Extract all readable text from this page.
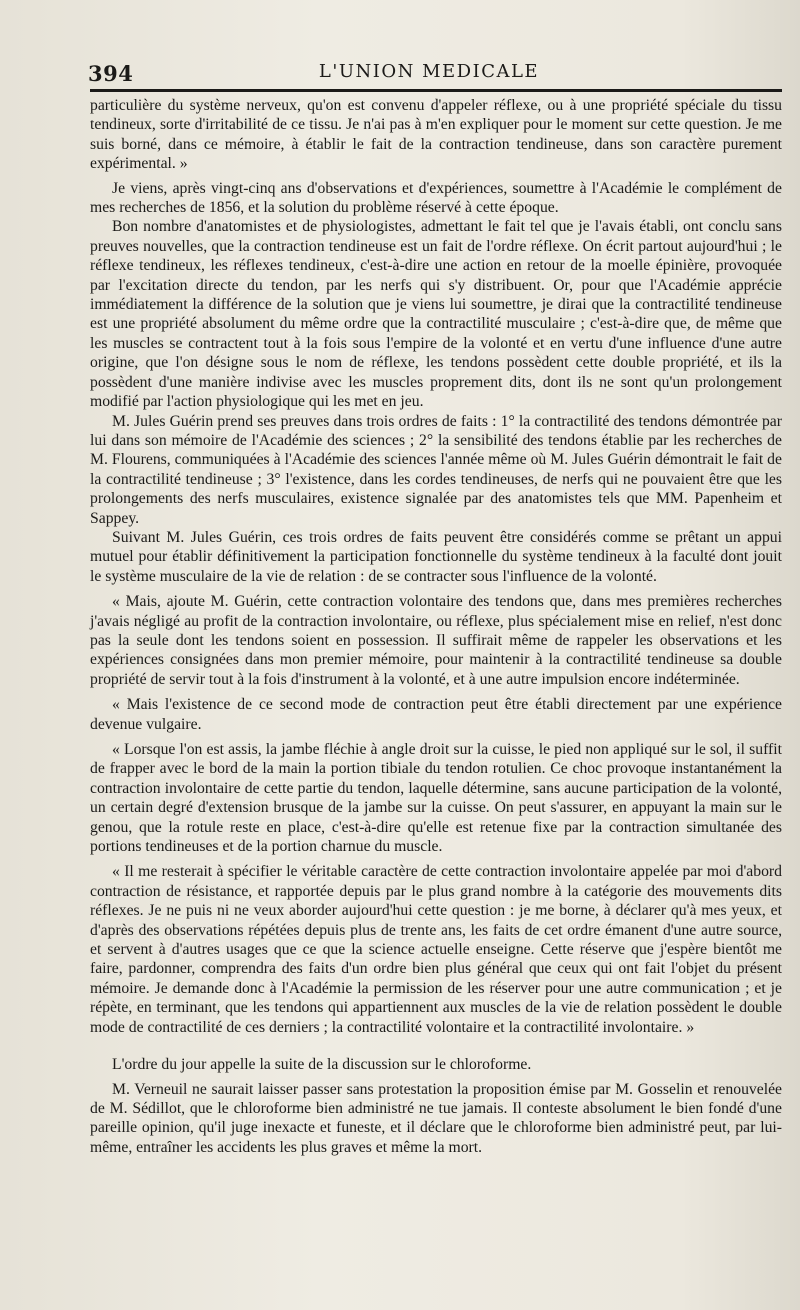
394	L'UNION MEDICALE

particulière du système nerveux, qu'on est convenu d'appeler réflexe, ou à une propriété spéciale du tissu tendineux, sorte d'irritabilité de ce tissu. Je n'ai pas à m'en expliquer pour le moment sur cette question. Je me suis borné, dans ce mémoire, à établir le fait de la contraction tendineuse, dans son caractère purement expérimental. »

Je viens, après vingt-cinq ans d'observations et d'expériences, soumettre à l'Académie le complément de mes recherches de 1856, et la solution du problème réservé à cette époque.

Bon nombre d'anatomistes et de physiologistes, admettant le fait tel que je l'avais établi, ont conclu sans preuves nouvelles, que la contraction tendineuse est un fait de l'ordre réflexe. On écrit partout aujourd'hui ; le réflexe tendineux, les réflexes tendineux, c'est-à-dire une action en retour de la moelle épinière, provoquée par l'excitation directe du tendon, par les nerfs qui s'y distribuent. Or, pour que l'Académie apprécie immédiatement la différence de la solution que je viens lui soumettre, je dirai que la contractilité tendineuse est une propriété absolument du même ordre que la contractilité musculaire ; c'est-à-dire que, de même que les muscles se contractent tout à la fois sous l'empire de la volonté et en vertu d'une influence d'une autre origine, que l'on désigne sous le nom de réflexe, les tendons possèdent cette double propriété, et ils la possèdent d'une manière indivise avec les muscles proprement dits, dont ils ne sont qu'un prolongement modifié par l'action physiologique qui les met en jeu.

M. Jules Guérin prend ses preuves dans trois ordres de faits : 1° la contractilité des tendons démontrée par lui dans son mémoire de l'Académie des sciences ; 2° la sensibilité des tendons établie par les recherches de M. Flourens, communiquées à l'Académie des sciences l'année même où M. Jules Guérin démontrait le fait de la contractilité tendineuse ; 3° l'existence, dans les cordes tendineuses, de nerfs qui ne pouvaient être que les prolongements des nerfs musculaires, existence signalée par des anatomistes tels que MM. Papenheim et Sappey.

Suivant M. Jules Guérin, ces trois ordres de faits peuvent être considérés comme se prêtant un appui mutuel pour établir définitivement la participation fonctionnelle du système tendineux à la faculté dont jouit le système musculaire de la vie de relation : de se contracter sous l'influence de la volonté.

« Mais, ajoute M. Guérin, cette contraction volontaire des tendons que, dans mes premières recherches j'avais négligé au profit de la contraction involontaire, ou réflexe, plus spécialement mise en relief, n'est donc pas la seule dont les tendons soient en possession. Il suffirait même de rappeler les observations et les expériences consignées dans mon premier mémoire, pour maintenir à la contractilité tendineuse sa double propriété de servir tout à la fois d'instrument à la volonté, et à une autre impulsion encore indéterminée.

« Mais l'existence de ce second mode de contraction peut être établi directement par une expérience devenue vulgaire.

« Lorsque l'on est assis, la jambe fléchie à angle droit sur la cuisse, le pied non appliqué sur le sol, il suffit de frapper avec le bord de la main la portion tibiale du tendon rotulien. Ce choc provoque instantanément la contraction involontaire de cette partie du tendon, laquelle détermine, sans aucune participation de la volonté, un certain degré d'extension brusque de la jambe sur la cuisse. On peut s'assurer, en appuyant la main sur le genou, que la rotule reste en place, c'est-à-dire qu'elle est retenue fixe par la contraction simultanée des portions tendineuses et de la portion charnue du muscle.

« Il me resterait à spécifier le véritable caractère de cette contraction involontaire appelée par moi d'abord contraction de résistance, et rapportée depuis par le plus grand nombre à la catégorie des mouvements dits réflexes. Je ne puis ni ne veux aborder aujourd'hui cette question : je me borne, à déclarer qu'à mes yeux, et d'après des observations répétées depuis plus de trente ans, les faits de cet ordre émanent d'une autre source, et servent à d'autres usages que ce que la science actuelle enseigne. Cette réserve que j'espère bientôt me faire, pardonner, comprendra des faits d'un ordre bien plus général que ceux qui ont fait l'objet du présent mémoire. Je demande donc à l'Académie la permission de les réserver pour une autre communication ; et je répète, en terminant, que les tendons qui appartiennent aux muscles de la vie de relation possèdent le double mode de contractilité de ces derniers ; la contractilité volontaire et la contractilité involontaire. »

L'ordre du jour appelle la suite de la discussion sur le chloroforme.

M. Verneuil ne saurait laisser passer sans protestation la proposition émise par M. Gosselin et renouvelée de M. Sédillot, que le chloroforme bien administré ne tue jamais. Il conteste absolument le bien fondé d'une pareille opinion, qu'il juge inexacte et funeste, et il déclare que le chloroforme bien administré peut, par lui-même, entraîner les accidents les plus graves et même la mort.
